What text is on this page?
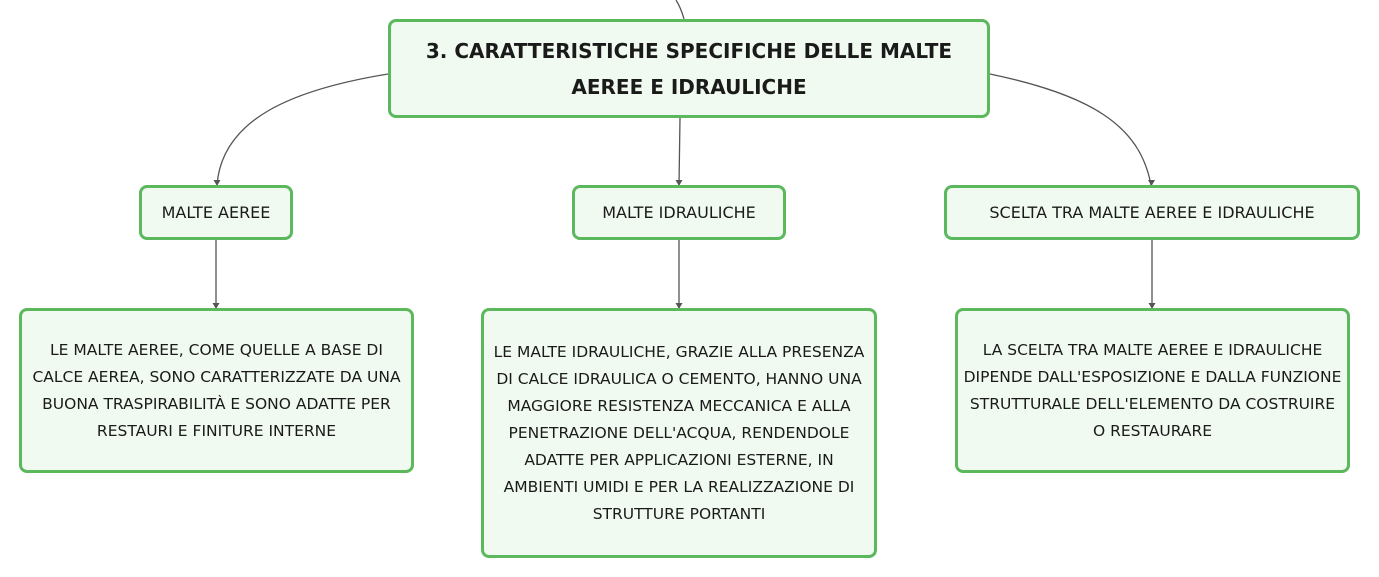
3. CARATTERISTICHE SPECIFICHE DELLE MALTE AEREE E IDRAULICHE
MALTE AEREE	MALTE IDRAULICHE	SCELTA TRA MALTE AEREE E IDRAULICHE
LE MALTE AEREE, COME QUELLE A BASE DI CALCE AEREA, SONO CARATTERIZZATE DA UNA BUONA TRASPIRABILITÀ E SONO ADATTE PER RESTAURI E FINITURE INTERNE
LE MALTE IDRAULICHE, GRAZIE ALLA PRESENZA DI CALCE IDRAULICA O CEMENTO, HANNO UNA MAGGIORE RESISTENZA MECCANICA E ALLA PENETRAZIONE DELL'ACQUA, RENDENDOLE ADATTE PER APPLICAZIONI ESTERNE, IN AMBIENTI UMIDI E PER LA REALIZZAZIONE DI STRUTTURE PORTANTI
LA SCELTA TRA MALTE AEREE E IDRAULICHE DIPENDE DALL'ESPOSIZIONE E DALLA FUNZIONE STRUTTURALE DELL'ELEMENTO DA COSTRUIRE O RESTAURARE
